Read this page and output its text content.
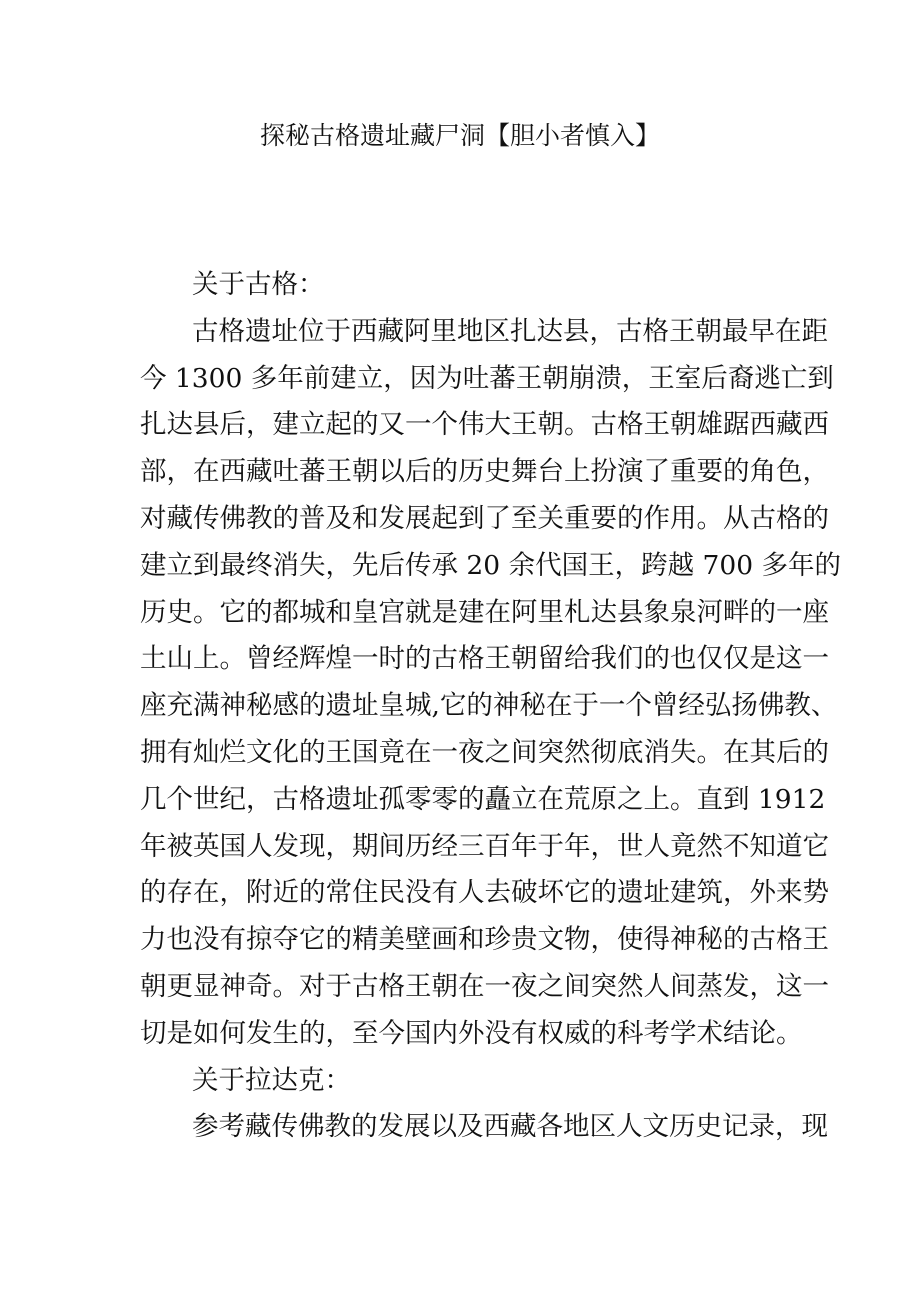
探秘古格遗址藏尸洞【胆小者慎入】
关于古格：
古格遗址位于西藏阿里地区扎达县，古格王朝最早在距
今 1300 多年前建立，因为吐蕃王朝崩溃，王室后裔逃亡到
扎达县后，建立起的又一个伟大王朝。古格王朝雄踞西藏西
部，在西藏吐蕃王朝以后的历史舞台上扮演了重要的角色，
对藏传佛教的普及和发展起到了至关重要的作用。从古格的
建立到最终消失，先后传承 20 余代国王，跨越 700 多年的
历史。它的都城和皇宫就是建在阿里札达县象泉河畔的一座
土山上。曾经辉煌一时的古格王朝留给我们的也仅仅是这一
座充满神秘感的遗址皇城,它的神秘在于一个曾经弘扬佛教、
拥有灿烂文化的王国竟在一夜之间突然彻底消失。在其后的
几个世纪，古格遗址孤零零的矗立在荒原之上。直到 1912
年被英国人发现，期间历经三百年于年，世人竟然不知道它
的存在，附近的常住民没有人去破坏它的遗址建筑，外来势
力也没有掠夺它的精美壁画和珍贵文物，使得神秘的古格王
朝更显神奇。对于古格王朝在一夜之间突然人间蒸发，这一
切是如何发生的，至今国内外没有权威的科考学术结论。
关于拉达克：
参考藏传佛教的发展以及西藏各地区人文历史记录，现
